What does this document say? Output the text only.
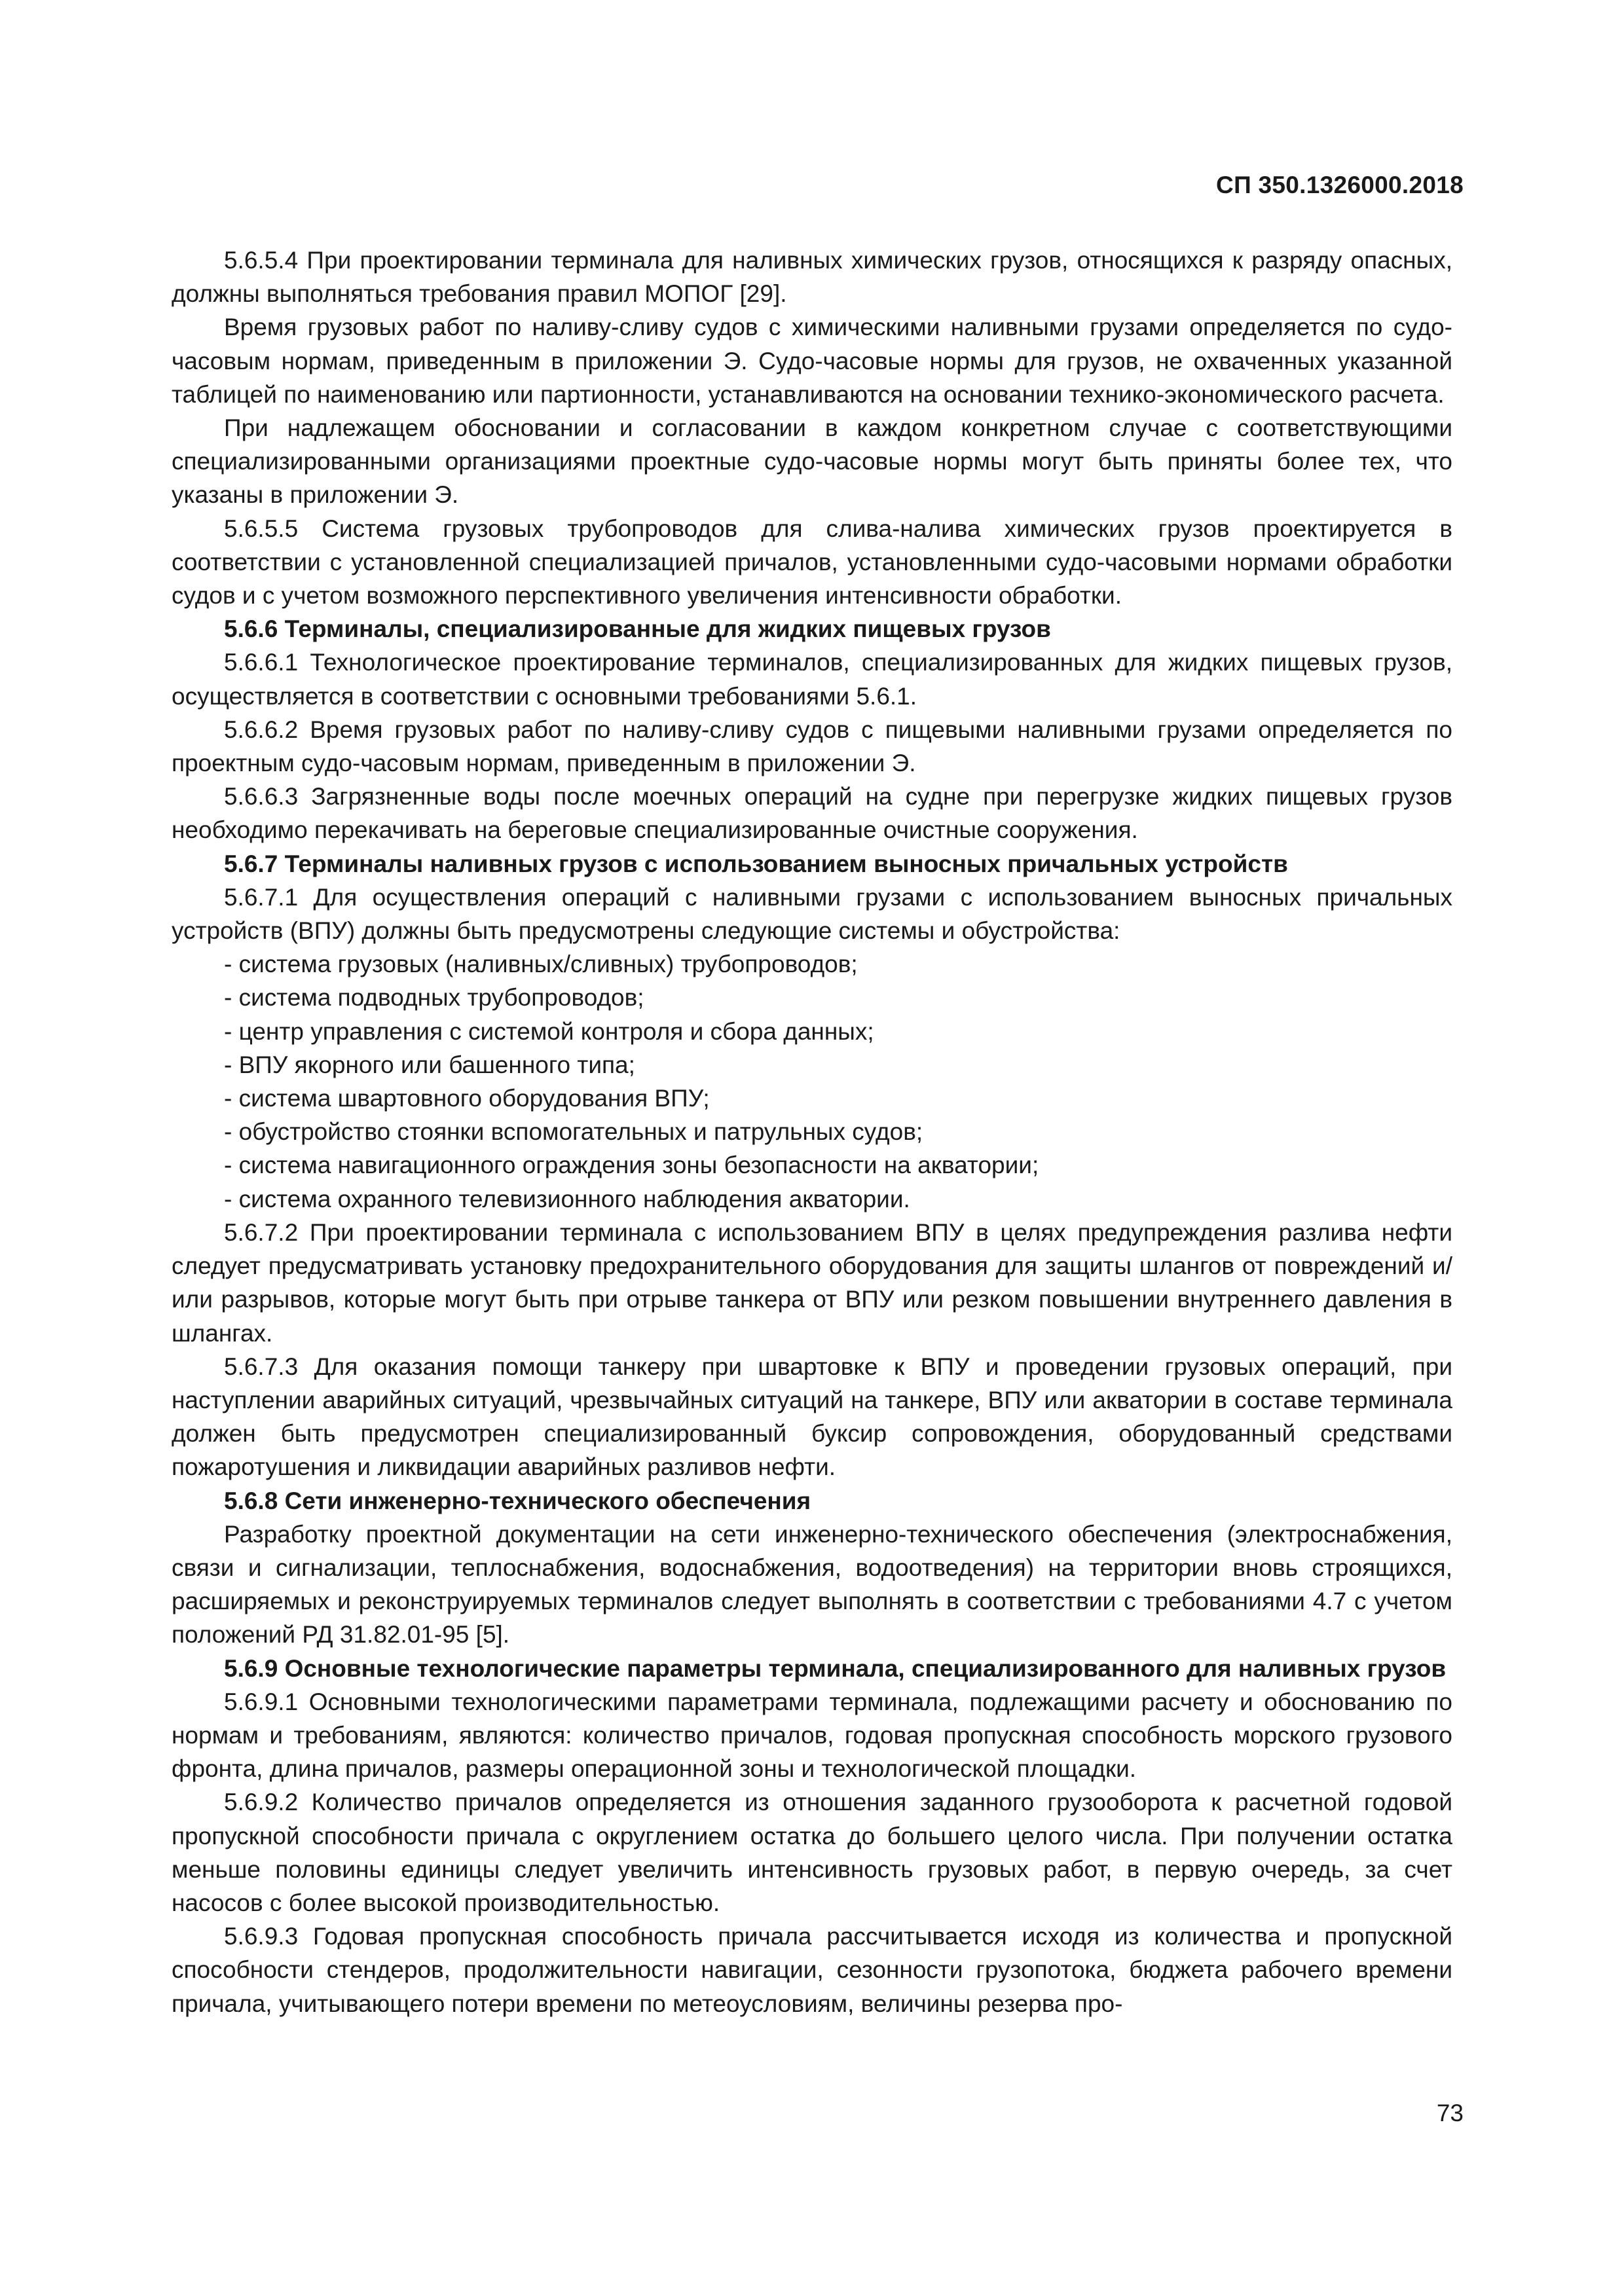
СП 350.1326000.2018

5.6.5.4 При проектировании терминала для наливных химических грузов, относящихся к разряду опасных, должны выполняться требования правил МОПОГ [29].

Время грузовых работ по наливу-сливу судов с химическими наливными грузами определяется по судо-часовым нормам, приведенным в приложении Э. Судо-часовые нормы для грузов, не охваченных указанной таблицей по наименованию или партионности, устанавливаются на основании технико-экономического расчета.

При надлежащем обосновании и согласовании в каждом конкретном случае с соответствующими специализированными организациями проектные судо-часовые нормы могут быть приняты более тех, что указаны в приложении Э.

5.6.5.5 Система грузовых трубопроводов для слива-налива химических грузов проектируется в соответствии с установленной специализацией причалов, установленными судо-часовыми нормами обработки судов и с учетом возможного перспективного увеличения интенсивности обработки.

5.6.6 Терминалы, специализированные для жидких пищевых грузов

5.6.6.1 Технологическое проектирование терминалов, специализированных для жидких пищевых грузов, осуществляется в соответствии с основными требованиями 5.6.1.

5.6.6.2 Время грузовых работ по наливу-сливу судов с пищевыми наливными грузами определяется по проектным судо-часовым нормам, приведенным в приложении Э.

5.6.6.3 Загрязненные воды после моечных операций на судне при перегрузке жидких пищевых грузов необходимо перекачивать на береговые специализированные очистные сооружения.

5.6.7 Терминалы наливных грузов с использованием выносных причальных устройств

5.6.7.1 Для осуществления операций с наливными грузами с использованием выносных причальных устройств (ВПУ) должны быть предусмотрены следующие системы и обустройства:

- система грузовых (наливных/сливных) трубопроводов;

- система подводных трубопроводов;

- центр управления с системой контроля и сбора данных;

- ВПУ якорного или башенного типа;

- система швартовного оборудования ВПУ;

- обустройство стоянки вспомогательных и патрульных судов;

- система навигационного ограждения зоны безопасности на акватории;

- система охранного телевизионного наблюдения акватории.

5.6.7.2 При проектировании терминала с использованием ВПУ в целях предупреждения разлива нефти следует предусматривать установку предохранительного оборудования для защиты шлангов от повреждений и/или разрывов, которые могут быть при отрыве танкера от ВПУ или резком повышении внутреннего давления в шлангах.

5.6.7.3 Для оказания помощи танкеру при швартовке к ВПУ и проведении грузовых операций, при наступлении аварийных ситуаций, чрезвычайных ситуаций на танкере, ВПУ или акватории в составе терминала должен быть предусмотрен специализированный буксир сопровождения, оборудованный средствами пожаротушения и ликвидации аварийных разливов нефти.

5.6.8 Сети инженерно-технического обеспечения

Разработку проектной документации на сети инженерно-технического обеспечения (электроснабжения, связи и сигнализации, теплоснабжения, водоснабжения, водоотведения) на территории вновь строящихся, расширяемых и реконструируемых терминалов следует выполнять в соответствии с требованиями 4.7 с учетом положений РД 31.82.01-95 [5].

5.6.9 Основные технологические параметры терминала, специализированного для наливных грузов

5.6.9.1 Основными технологическими параметрами терминала, подлежащими расчету и обоснованию по нормам и требованиям, являются: количество причалов, годовая пропускная способность морского грузового фронта, длина причалов, размеры операционной зоны и технологической площадки.

5.6.9.2 Количество причалов определяется из отношения заданного грузооборота к расчетной годовой пропускной способности причала с округлением остатка до большего целого числа. При получении остатка меньше половины единицы следует увеличить интенсивность грузовых работ, в первую очередь, за счет насосов с более высокой производительностью.

5.6.9.3 Годовая пропускная способность причала рассчитывается исходя из количества и пропускной способности стендеров, продолжительности навигации, сезонности грузопотока, бюджета рабочего времени причала, учитывающего потери времени по метеоусловиям, величины резерва про-

73
